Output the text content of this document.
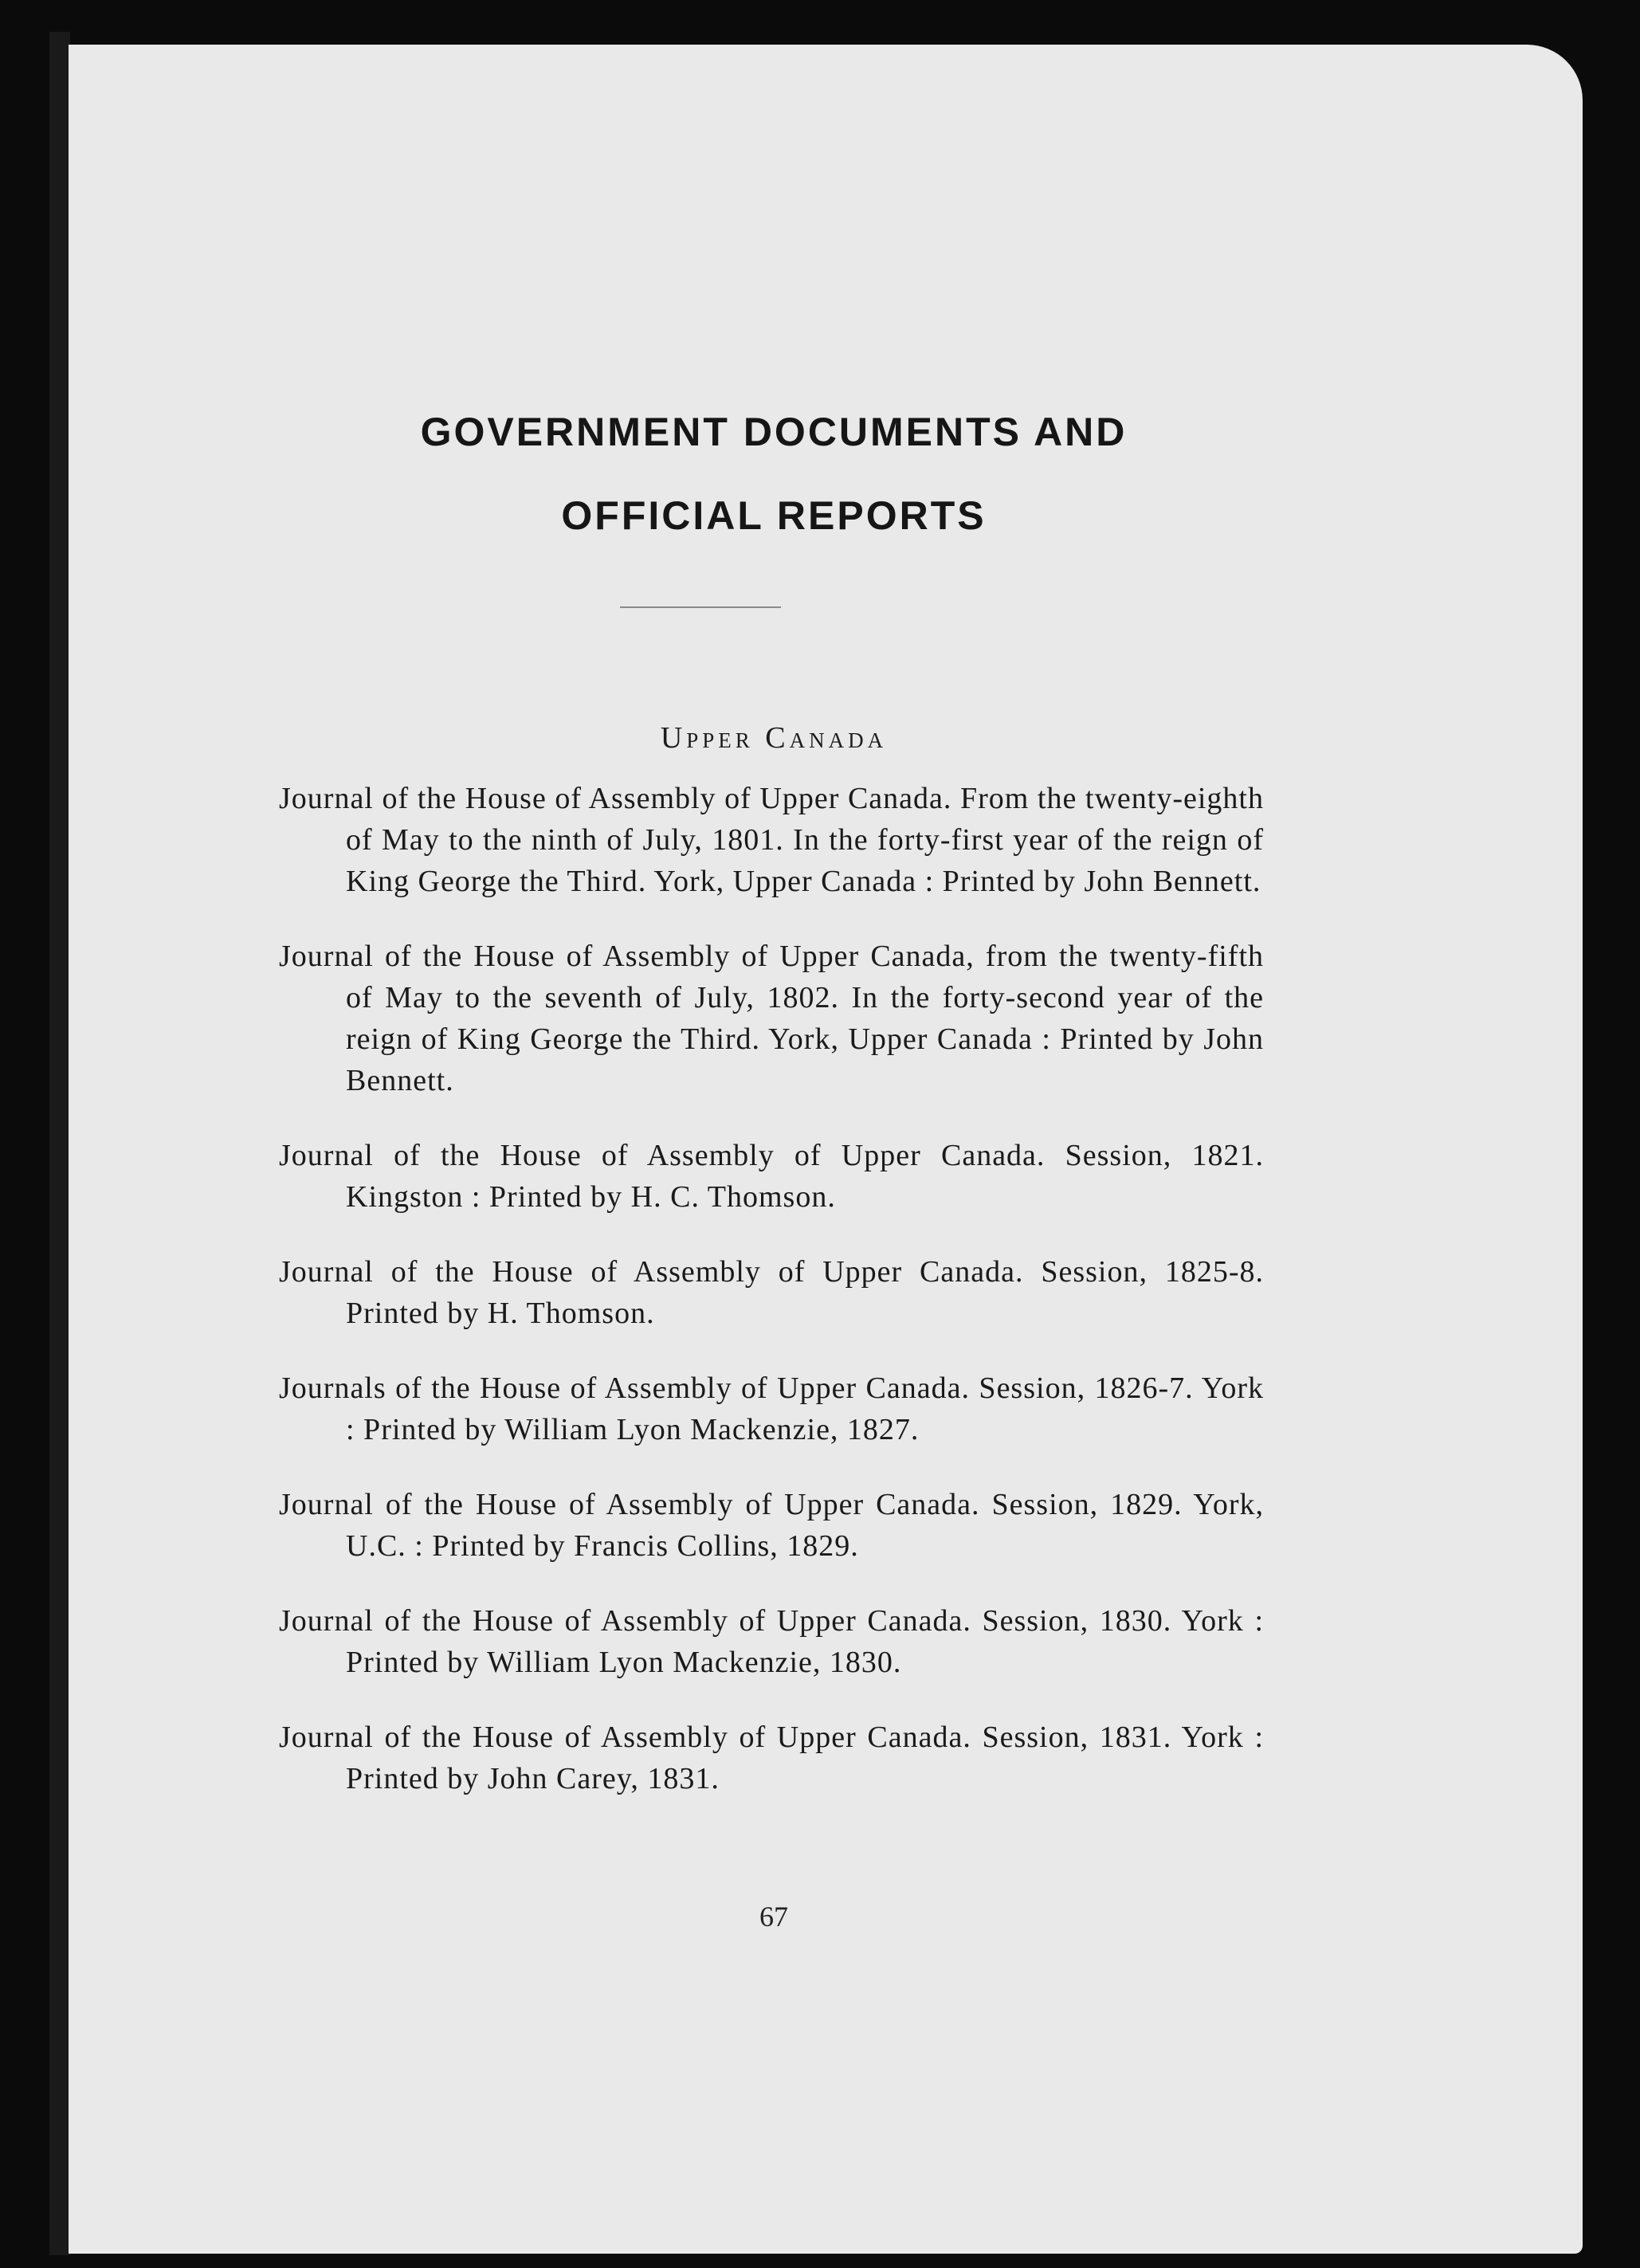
GOVERNMENT DOCUMENTS AND
OFFICIAL REPORTS
Upper Canada
Journal of the House of Assembly of Upper Canada. From the twenty-eighth of May to the ninth of July, 1801. In the forty-first year of the reign of King George the Third. York, Upper Canada : Printed by John Bennett.
Journal of the House of Assembly of Upper Canada, from the twenty-fifth of May to the seventh of July, 1802. In the forty-second year of the reign of King George the Third. York, Upper Canada : Printed by John Bennett.
Journal of the House of Assembly of Upper Canada. Session, 1821. Kingston : Printed by H. C. Thomson.
Journal of the House of Assembly of Upper Canada. Session, 1825-8. Printed by H. Thomson.
Journals of the House of Assembly of Upper Canada. Session, 1826-7. York : Printed by William Lyon Mackenzie, 1827.
Journal of the House of Assembly of Upper Canada. Session, 1829. York, U.C. : Printed by Francis Collins, 1829.
Journal of the House of Assembly of Upper Canada. Session, 1830. York : Printed by William Lyon Mackenzie, 1830.
Journal of the House of Assembly of Upper Canada. Session, 1831. York : Printed by John Carey, 1831.
67
